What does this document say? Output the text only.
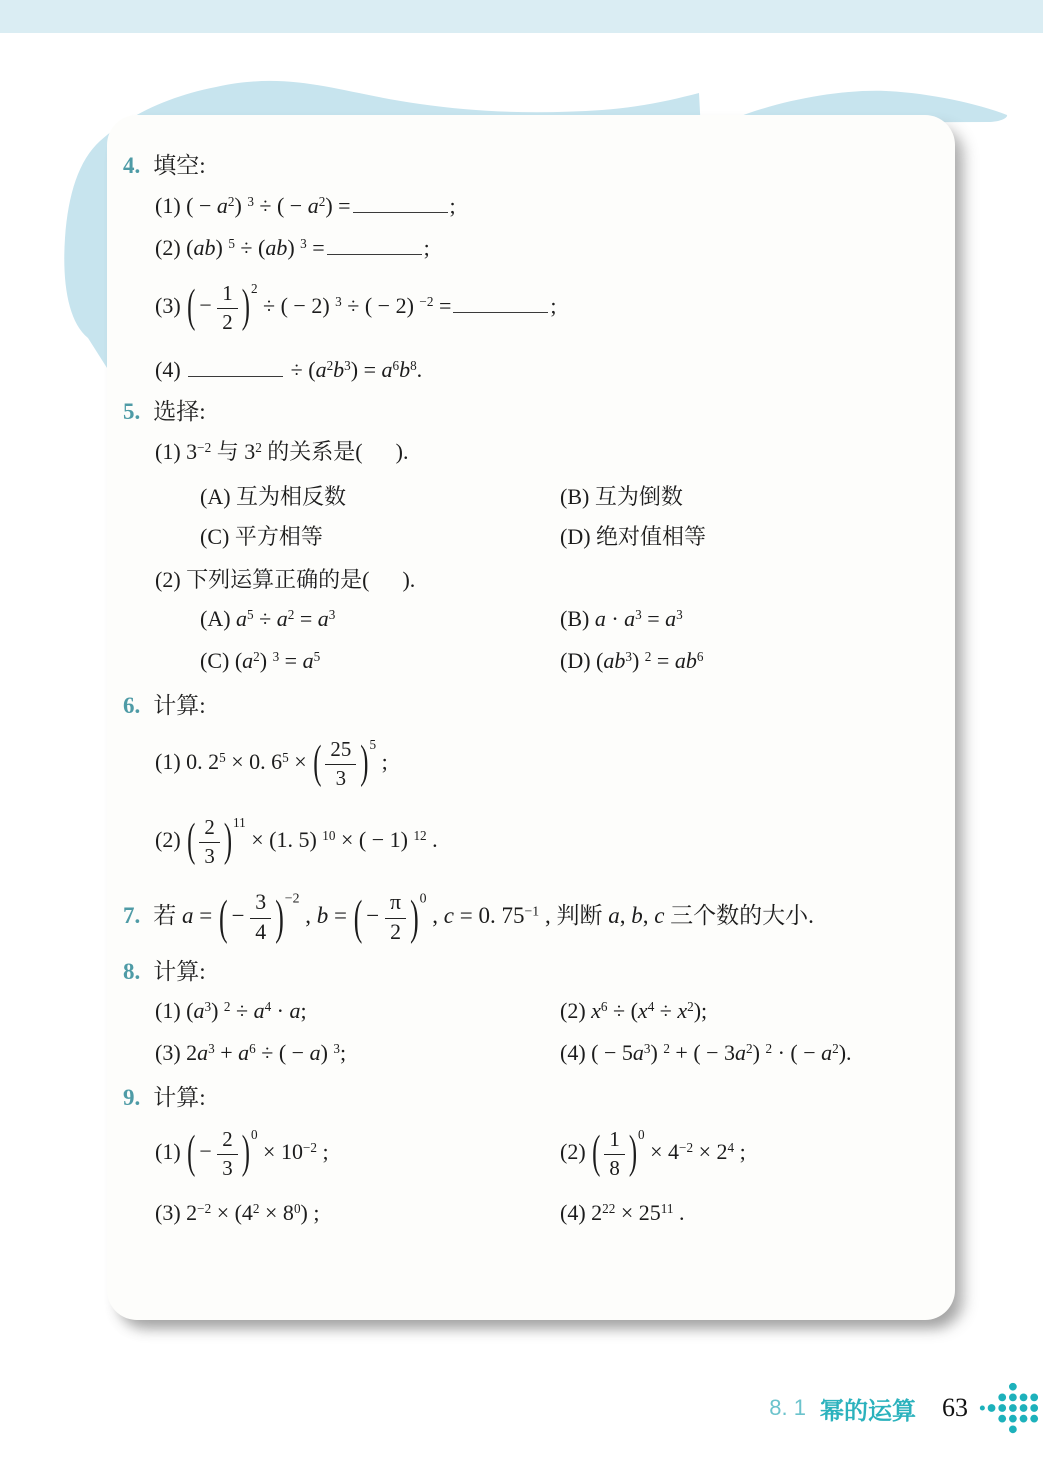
4. 填空:
(1) ( − $a^2$) $^3$ ÷ ( − $a^2$) =	;
(2) (ab) $^5$ ÷ (ab) $^3$ =	;
(3) ( − $\frac{1}{2}$ ) $^2$ ÷ ( − 2) $^3$ ÷ ( − 2) $^{-2}$ =	;
(4)	÷ $(a^2b^3) = a^6b^8$.
5. 选择:
(1) $3^{-2}$ 与 $3^2$ 的关系是(      ).
(A) 互为相反数	(B) 互为倒数
(C) 平方相等	(D) 绝对值相等
(2) 下列运算正确的是(      ).
(A) $a^5 \div a^2 = a^3$	(B) $a \cdot a^3 = a^3$
(C) $(a^2) ^3 = a^5$	(D) $(ab^3) ^2 = ab^6$
6. 计算:
(1) 0. $2^5 \times 0$. $6^5$ × ( $\frac{25}{3}$ ) $^5$ ;
(2) ( $\frac{2}{3}$ ) $^{11}$ × (1. 5) $^{10}$ × ( − 1) $^{12}$ .
7. 若 a = ( − $\frac{3}{4}$ ) $^{-2}$ , b = ( − $\frac{\pi}{2}$ ) $^0$ , c = 0. $75^{-1}$ , 判断 a, b, c 三个数的大小.
8. 计算:
(1) $(a^3) ^2 \div a^4 \cdot a$;	(2) $x^6 \div (x^4 \div x^2)$;
(3) $2a^3 + a^6$ ÷ ( − a) $^3$;	(4) ( − $5a^3$) $^2$ + ( − $3a^2$) $^2$ · ( − $a^2$).
9. 计算:
(1) ( − $\frac{2}{3}$ ) $^0 \times 10^{-2}$ ;	(2) ( $\frac{1}{8}$ ) $^0 \times 4^{-2} \times 2^4$ ;
(3) $2^{-2} \times (4^2 \times 8^0)$ ;	(4) $2^{22} \times 25^{11}$ .
8. 1 幂的运算 63
